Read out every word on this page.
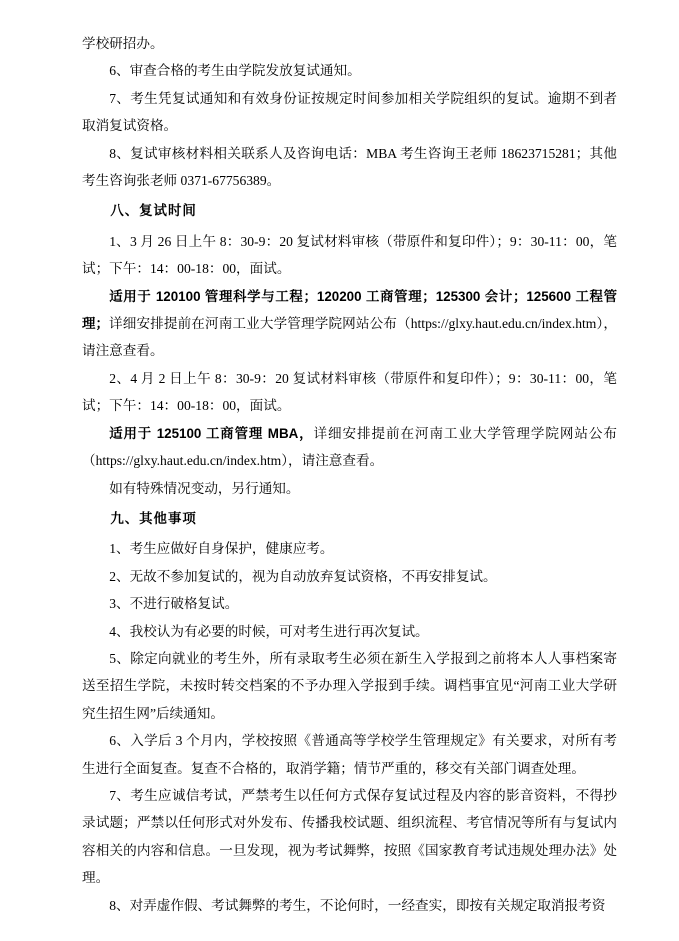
学校研招办。

6、审查合格的考生由学院发放复试通知。

7、考生凭复试通知和有效身份证按规定时间参加相关学院组织的复试。逾期不到者取消复试资格。

8、复试审核材料相关联系人及咨询电话：MBA 考生咨询王老师 18623715281；其他考生咨询张老师 0371-67756389。

八、复试时间

1、3 月 26 日上午 8：30-9：20 复试材料审核（带原件和复印件）；9：30-11：00，笔试；下午：14：00-18：00，面试。

适用于 120100 管理科学与工程；120200 工商管理；125300 会计；125600 工程管理；详细安排提前在河南工业大学管理学院网站公布（https://glxy.haut.edu.cn/index.htm），请注意查看。

2、4 月 2 日上午 8：30-9：20 复试材料审核（带原件和复印件）；9：30-11：00，笔试；下午：14：00-18：00，面试。

适用于 125100 工商管理 MBA，详细安排提前在河南工业大学管理学院网站公布（https://glxy.haut.edu.cn/index.htm），请注意查看。

如有特殊情况变动，另行通知。

九、其他事项

1、考生应做好自身保护，健康应考。

2、无故不参加复试的，视为自动放弃复试资格，不再安排复试。

3、不进行破格复试。

4、我校认为有必要的时候，可对考生进行再次复试。

5、除定向就业的考生外，所有录取考生必须在新生入学报到之前将本人人事档案寄送至招生学院，未按时转交档案的不予办理入学报到手续。调档事宜见“河南工业大学研究生招生网”后续通知。

6、入学后 3 个月内，学校按照《普通高等学校学生管理规定》有关要求，对所有考生进行全面复查。复查不合格的，取消学籍；情节严重的，移交有关部门调查处理。

7、考生应诚信考试，严禁考生以任何方式保存复试过程及内容的影音资料，不得抄录试题；严禁以任何形式对外发布、传播我校试题、组织流程、考官情况等所有与复试内容相关的内容和信息。一旦发现，视为考试舞弊，按照《国家教育考试违规处理办法》处理。

8、对弄虚作假、考试舞弊的考生，不论何时，一经查实，即按有关规定取消报考资
